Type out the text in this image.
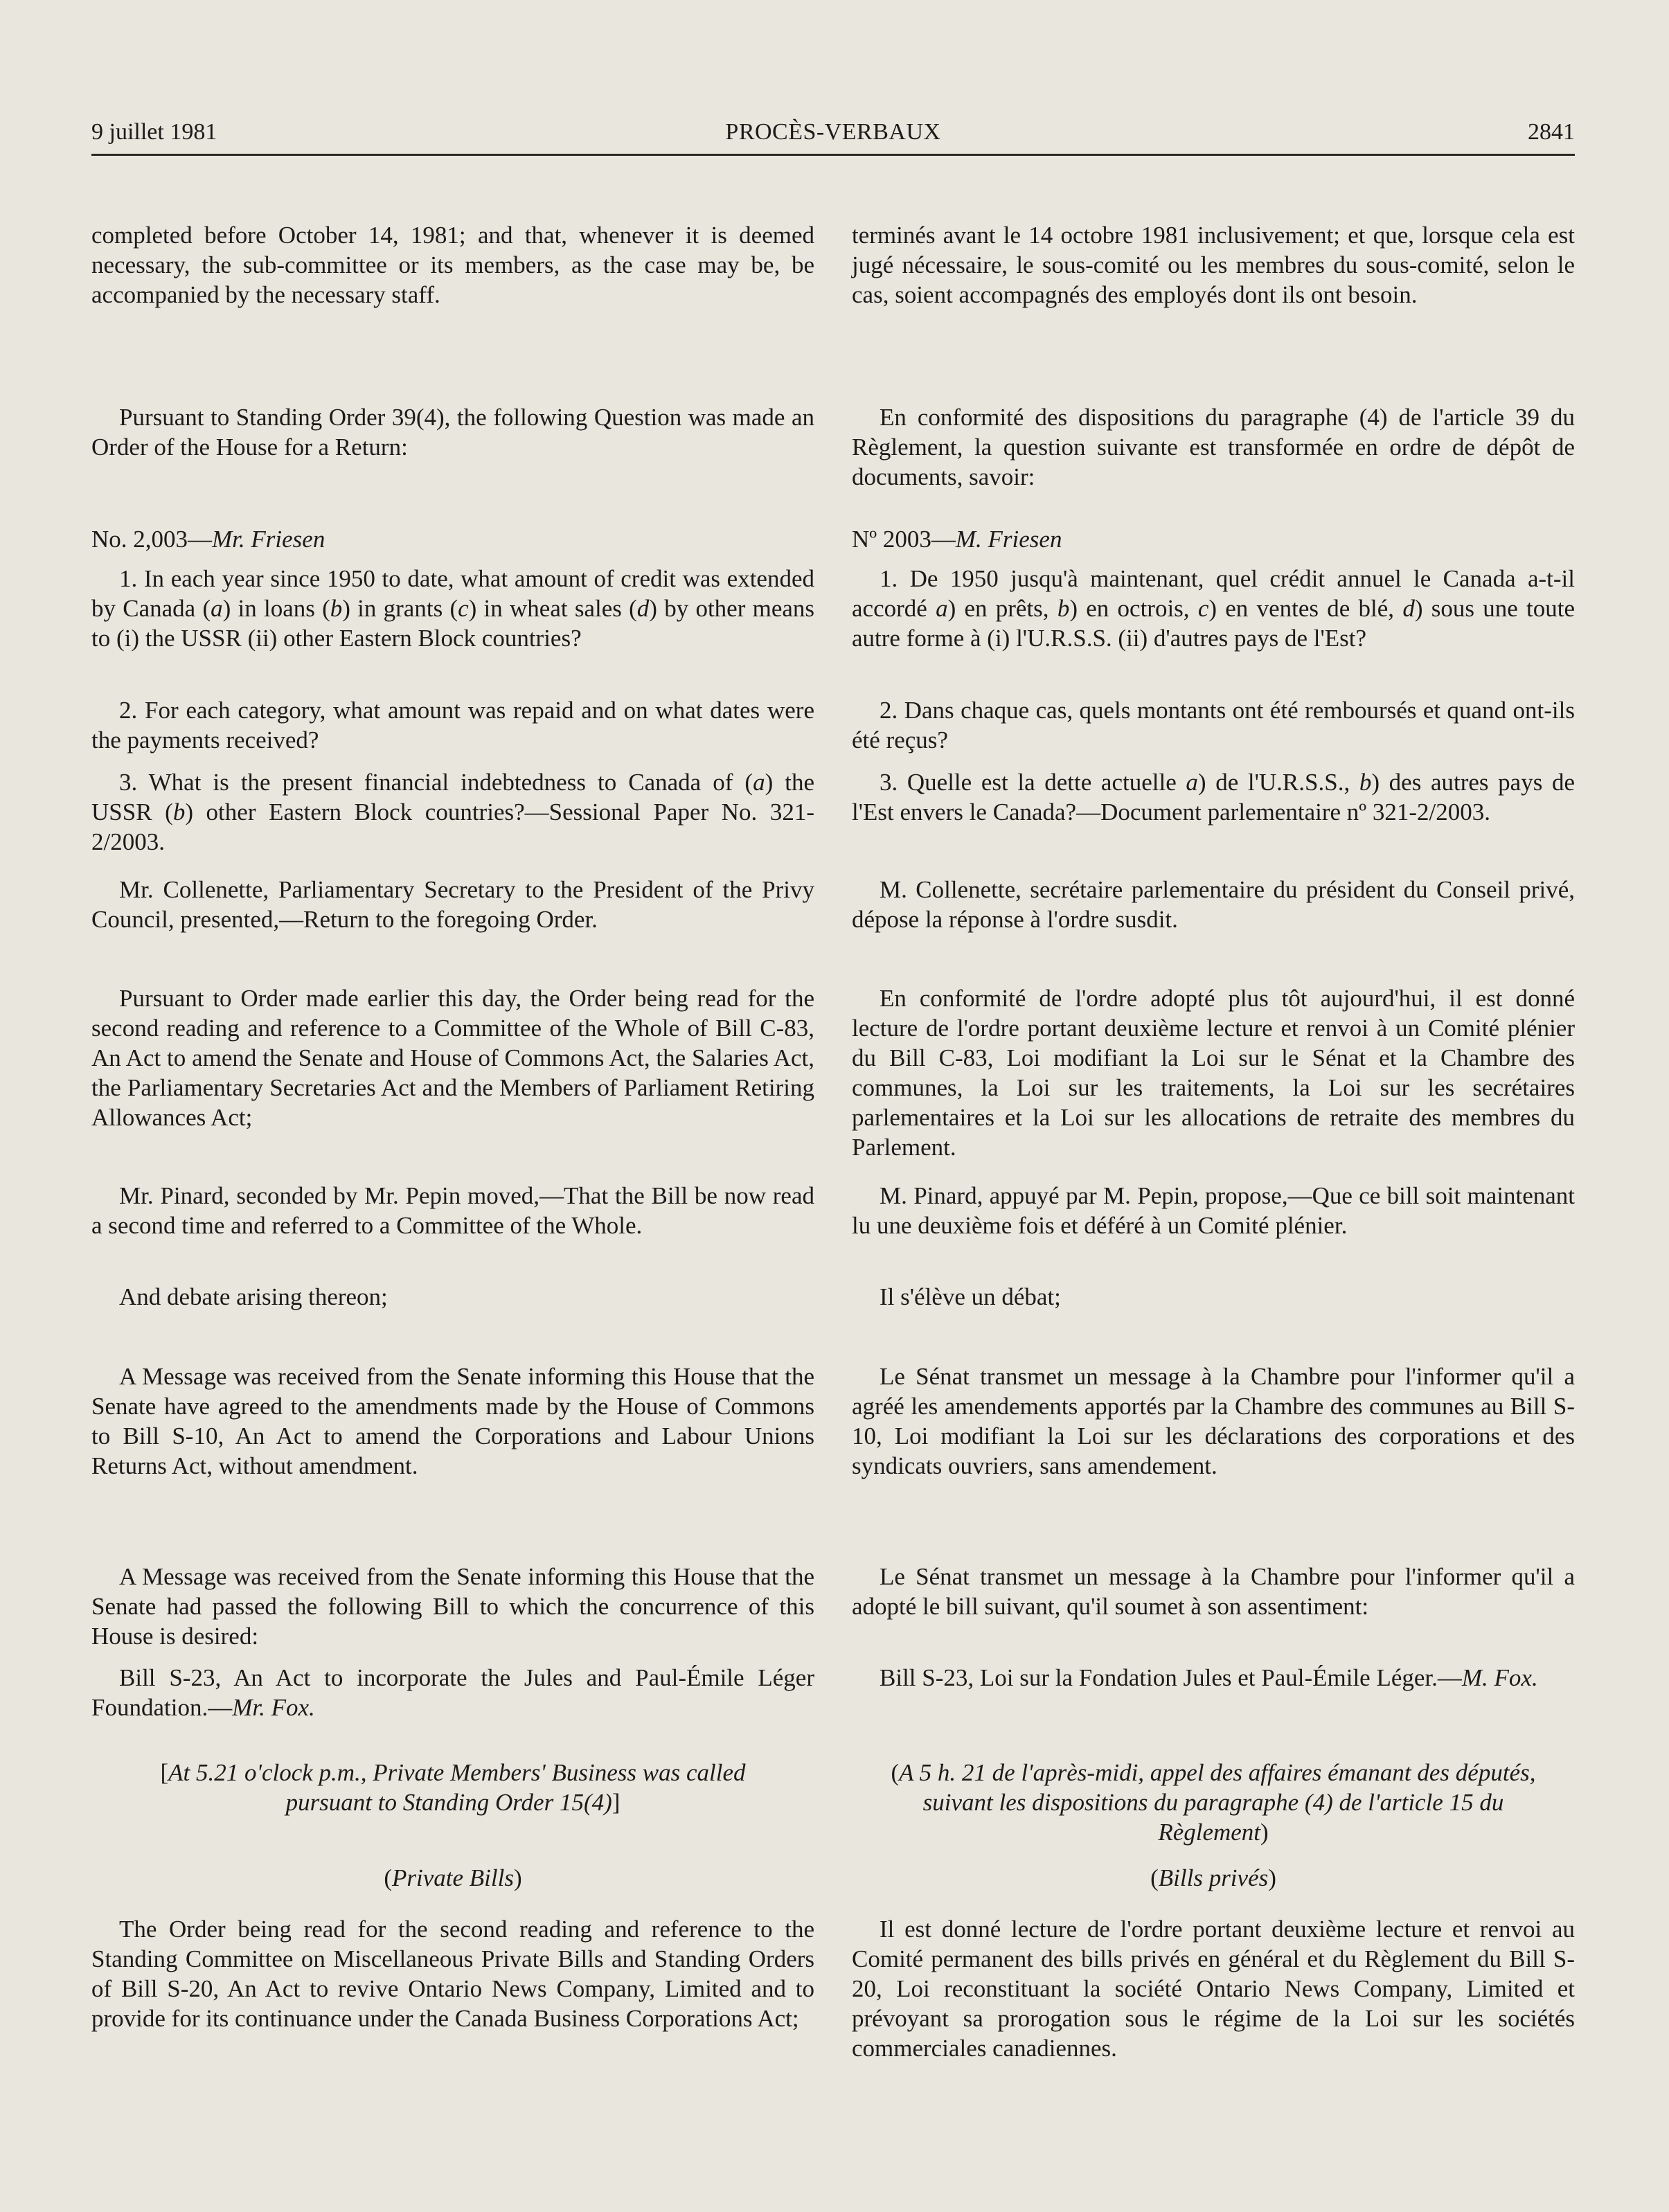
9 juillet 1981	PROCÈS-VERBAUX	2841

completed before October 14, 1981; and that, whenever it is deemed necessary, the sub-committee or its members, as the case may be, be accompanied by the necessary staff.

Pursuant to Standing Order 39(4), the following Question was made an Order of the House for a Return:

No. 2,003—Mr. Friesen

1. In each year since 1950 to date, what amount of credit was extended by Canada (a) in loans (b) in grants (c) in wheat sales (d) by other means to (i) the USSR (ii) other Eastern Block countries?

2. For each category, what amount was repaid and on what dates were the payments received?

3. What is the present financial indebtedness to Canada of (a) the USSR (b) other Eastern Block countries?—Sessional Paper No. 321-2/2003.

Mr. Collenette, Parliamentary Secretary to the President of the Privy Council, presented,—Return to the foregoing Order.

Pursuant to Order made earlier this day, the Order being read for the second reading and reference to a Committee of the Whole of Bill C-83, An Act to amend the Senate and House of Commons Act, the Salaries Act, the Parliamentary Secretaries Act and the Members of Parliament Retiring Allowances Act;

Mr. Pinard, seconded by Mr. Pepin moved,—That the Bill be now read a second time and referred to a Committee of the Whole.

And debate arising thereon;

A Message was received from the Senate informing this House that the Senate have agreed to the amendments made by the House of Commons to Bill S-10, An Act to amend the Corporations and Labour Unions Returns Act, without amendment.

A Message was received from the Senate informing this House that the Senate had passed the following Bill to which the concurrence of this House is desired:

Bill S-23, An Act to incorporate the Jules and Paul-Émile Léger Foundation.—Mr. Fox.

[At 5.21 o'clock p.m., Private Members' Business was called pursuant to Standing Order 15(4)]

(Private Bills)

The Order being read for the second reading and reference to the Standing Committee on Miscellaneous Private Bills and Standing Orders of Bill S-20, An Act to revive Ontario News Company, Limited and to provide for its continuance under the Canada Business Corporations Act;

terminés avant le 14 octobre 1981 inclusivement; et que, lorsque cela est jugé nécessaire, le sous-comité ou les membres du sous-comité, selon le cas, soient accompagnés des employés dont ils ont besoin.

En conformité des dispositions du paragraphe (4) de l'article 39 du Règlement, la question suivante est transformée en ordre de dépôt de documents, savoir:

Nº 2003—M. Friesen

1. De 1950 jusqu'à maintenant, quel crédit annuel le Canada a-t-il accordé a) en prêts, b) en octrois, c) en ventes de blé, d) sous une toute autre forme à (i) l'U.R.S.S. (ii) d'autres pays de l'Est?

2. Dans chaque cas, quels montants ont été remboursés et quand ont-ils été reçus?

3. Quelle est la dette actuelle a) de l'U.R.S.S., b) des autres pays de l'Est envers le Canada?—Document parlementaire nº 321-2/2003.

M. Collenette, secrétaire parlementaire du président du Conseil privé, dépose la réponse à l'ordre susdit.

En conformité de l'ordre adopté plus tôt aujourd'hui, il est donné lecture de l'ordre portant deuxième lecture et renvoi à un Comité plénier du Bill C-83, Loi modifiant la Loi sur le Sénat et la Chambre des communes, la Loi sur les traitements, la Loi sur les secrétaires parlementaires et la Loi sur les allocations de retraite des membres du Parlement.

M. Pinard, appuyé par M. Pepin, propose,—Que ce bill soit maintenant lu une deuxième fois et déféré à un Comité plénier.

Il s'élève un débat;

Le Sénat transmet un message à la Chambre pour l'informer qu'il a agréé les amendements apportés par la Chambre des communes au Bill S-10, Loi modifiant la Loi sur les déclarations des corporations et des syndicats ouvriers, sans amendement.

Le Sénat transmet un message à la Chambre pour l'informer qu'il a adopté le bill suivant, qu'il soumet à son assentiment:

Bill S-23, Loi sur la Fondation Jules et Paul-Émile Léger.—M. Fox.

(A 5 h. 21 de l'après-midi, appel des affaires émanant des députés, suivant les dispositions du paragraphe (4) de l'article 15 du Règlement)

(Bills privés)

Il est donné lecture de l'ordre portant deuxième lecture et renvoi au Comité permanent des bills privés en général et du Règlement du Bill S-20, Loi reconstituant la société Ontario News Company, Limited et prévoyant sa prorogation sous le régime de la Loi sur les sociétés commerciales canadiennes.
